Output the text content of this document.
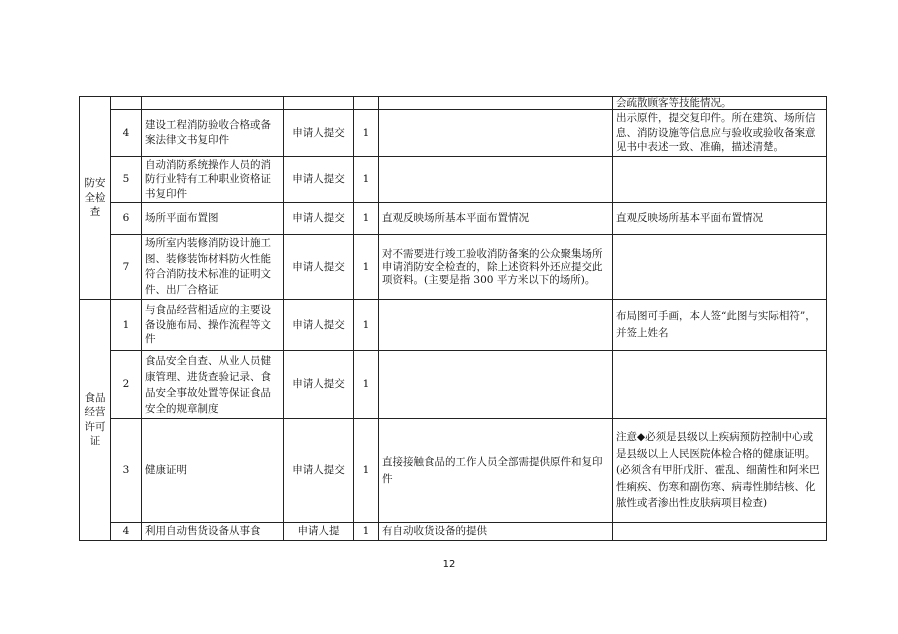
防安全检查						会疏散顾客等技能情况。
	4	建设工程消防验收合格或备案法律文书复印件	申请人提交	1		出示原件，提交复印件。所在建筑、场所信息、消防设施等信息应与验收或验收备案意见书中表述一致、准确，描述清楚。
	5	自动消防系统操作人员的消防行业特有工种职业资格证书复印件	申请人提交	1		
	6	场所平面布置图	申请人提交	1	直观反映场所基本平面布置情况	直观反映场所基本平面布置情况
	7	场所室内装修消防设计施工图、装修装饰材料防火性能符合消防技术标准的证明文件、出厂合格证	申请人提交	1	对不需要进行竣工验收消防备案的公众聚集场所申请消防安全检查的，除上述资料外还应提交此项资料。(主要是指 300 平方米以下的场所)。	
食品经营许可证	1	与食品经营相适应的主要设备设施布局、操作流程等文件	申请人提交	1		布局图可手画，本人签“此图与实际相符”，并签上姓名
	2	食品安全自查、从业人员健康管理、进货查验记录、食品安全事故处置等保证食品安全的规章制度	申请人提交	1		
	3	健康证明	申请人提交	1	直接接触食品的工作人员全部需提供原件和复印件	注意◆必须是县级以上疾病预防控制中心或是县级以上人民医院体检合格的健康证明。(必须含有甲肝戊肝、霍乱、细菌性和阿米巴性痢疾、伤寒和副伤寒、病毒性肺结核、化脓性或者渗出性皮肤病项目检查)
	4	利用自动售货设备从事食	申请人提	1	有自动收货设备的提供	
12
